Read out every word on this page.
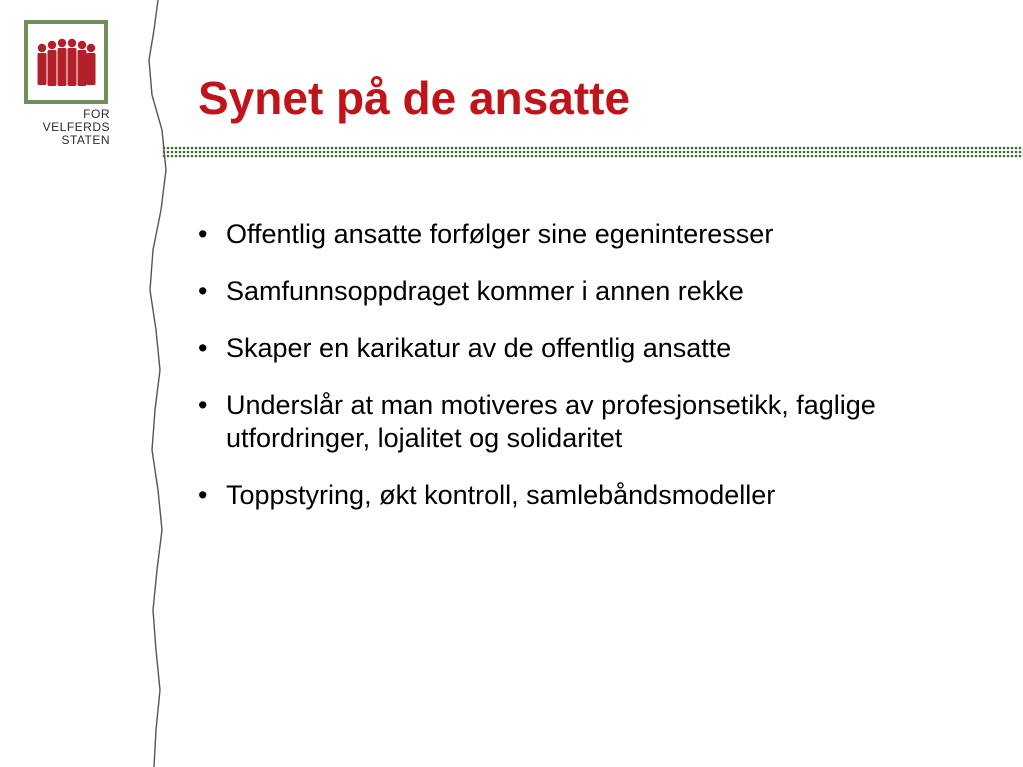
FOR
VELFERDS
STATEN
Synet på de ansatte
• Offentlig ansatte forfølger sine egeninteresser
• Samfunnsoppdraget kommer i annen rekke
• Skaper en karikatur av de offentlig ansatte
• Underslår at man motiveres av profesjonsetikk, faglige utfordringer, lojalitet og solidaritet
• Toppstyring, økt kontroll, samlebåndsmodeller
